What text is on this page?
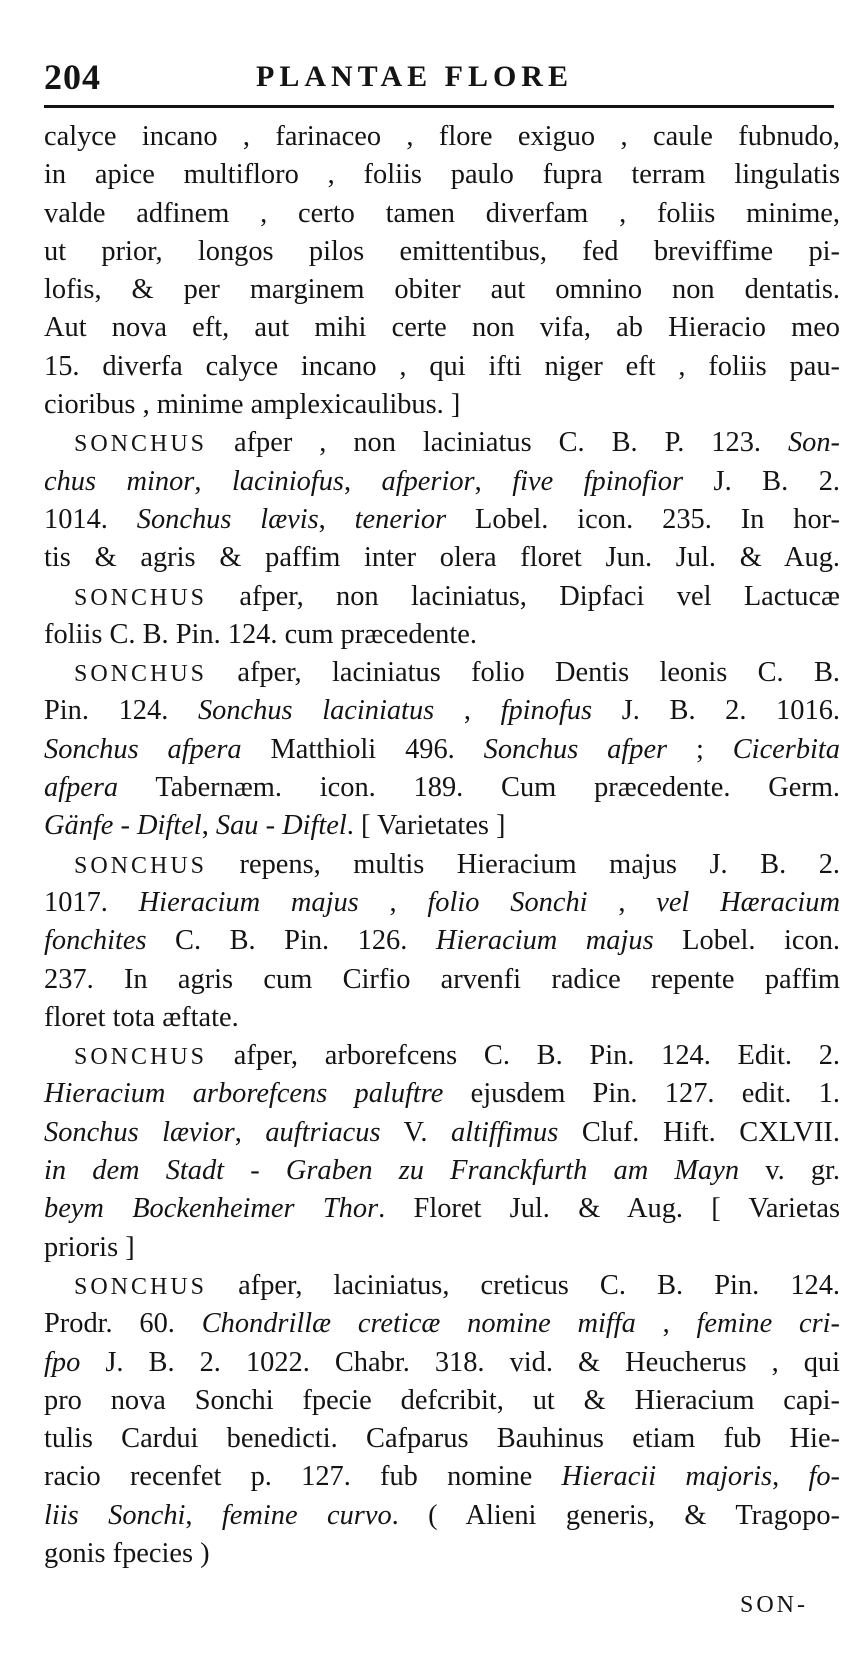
204	PLANTAE FLORE
calyce incano , farinaceo , flore exiguo , caule fubnudo,
in apice multifloro , foliis paulo fupra terram lingulatis
valde adfinem , certo tamen diverfam , foliis minime,
ut prior, longos pilos emittentibus, fed breviffime pi-
lofis, & per marginem obiter aut omnino non dentatis.
Aut nova eft, aut mihi certe non vifa, ab Hieracio meo
15. diverfa calyce incano , qui ifti niger eft , foliis pau-
cioribus , minime amplexicaulibus. ]
SONCHUS afper , non laciniatus C. B. P. 123. Son-
chus minor, laciniofus, afperior, five fpinofior J. B. 2.
1014. Sonchus lævis, tenerior Lobel. icon. 235. In hor-
tis & agris & paffim inter olera floret Jun. Jul. & Aug.
SONCHUS afper, non laciniatus, Dipfaci vel Lactucæ
foliis C. B. Pin. 124. cum præcedente.
SONCHUS afper, laciniatus folio Dentis leonis C. B.
Pin. 124. Sonchus laciniatus , fpinofus J. B. 2. 1016.
Sonchus afpera Matthioli 496. Sonchus afper ; Cicerbita
afpera Tabernæm. icon. 189. Cum præcedente. Germ.
Gänfe - Diftel, Sau - Diftel. [ Varietates ]
SONCHUS repens, multis Hieracium majus J. B. 2.
1017. Hieracium majus , folio Sonchi , vel Hæracium
fonchites C. B. Pin. 126. Hieracium majus Lobel. icon.
237. In agris cum Cirfio arvenfi radice repente paffim
floret tota æftate.
SONCHUS afper, arborefcens C. B. Pin. 124. Edit. 2.
Hieracium arborefcens paluftre ejusdem Pin. 127. edit. 1.
Sonchus lævior, auftriacus V. altiffimus Cluf. Hift. CXLVII.
in dem Stadt - Graben zu Franckfurth am Mayn v. gr.
beym Bockenheimer Thor. Floret Jul. & Aug. [ Varietas
prioris ]
SONCHUS afper, laciniatus, creticus C. B. Pin. 124.
Prodr. 60. Chondrillæ creticæ nomine miffa , femine cri-
fpo J. B. 2. 1022. Chabr. 318. vid. & Heucherus , qui
pro nova Sonchi fpecie defcribit, ut & Hieracium capi-
tulis Cardui benedicti. Cafparus Bauhinus etiam fub Hie-
racio recenfet p. 127. fub nomine Hieracii majoris, fo-
liis Sonchi, femine curvo. ( Alieni generis, & Tragopo-
gonis fpecies )
SON-
